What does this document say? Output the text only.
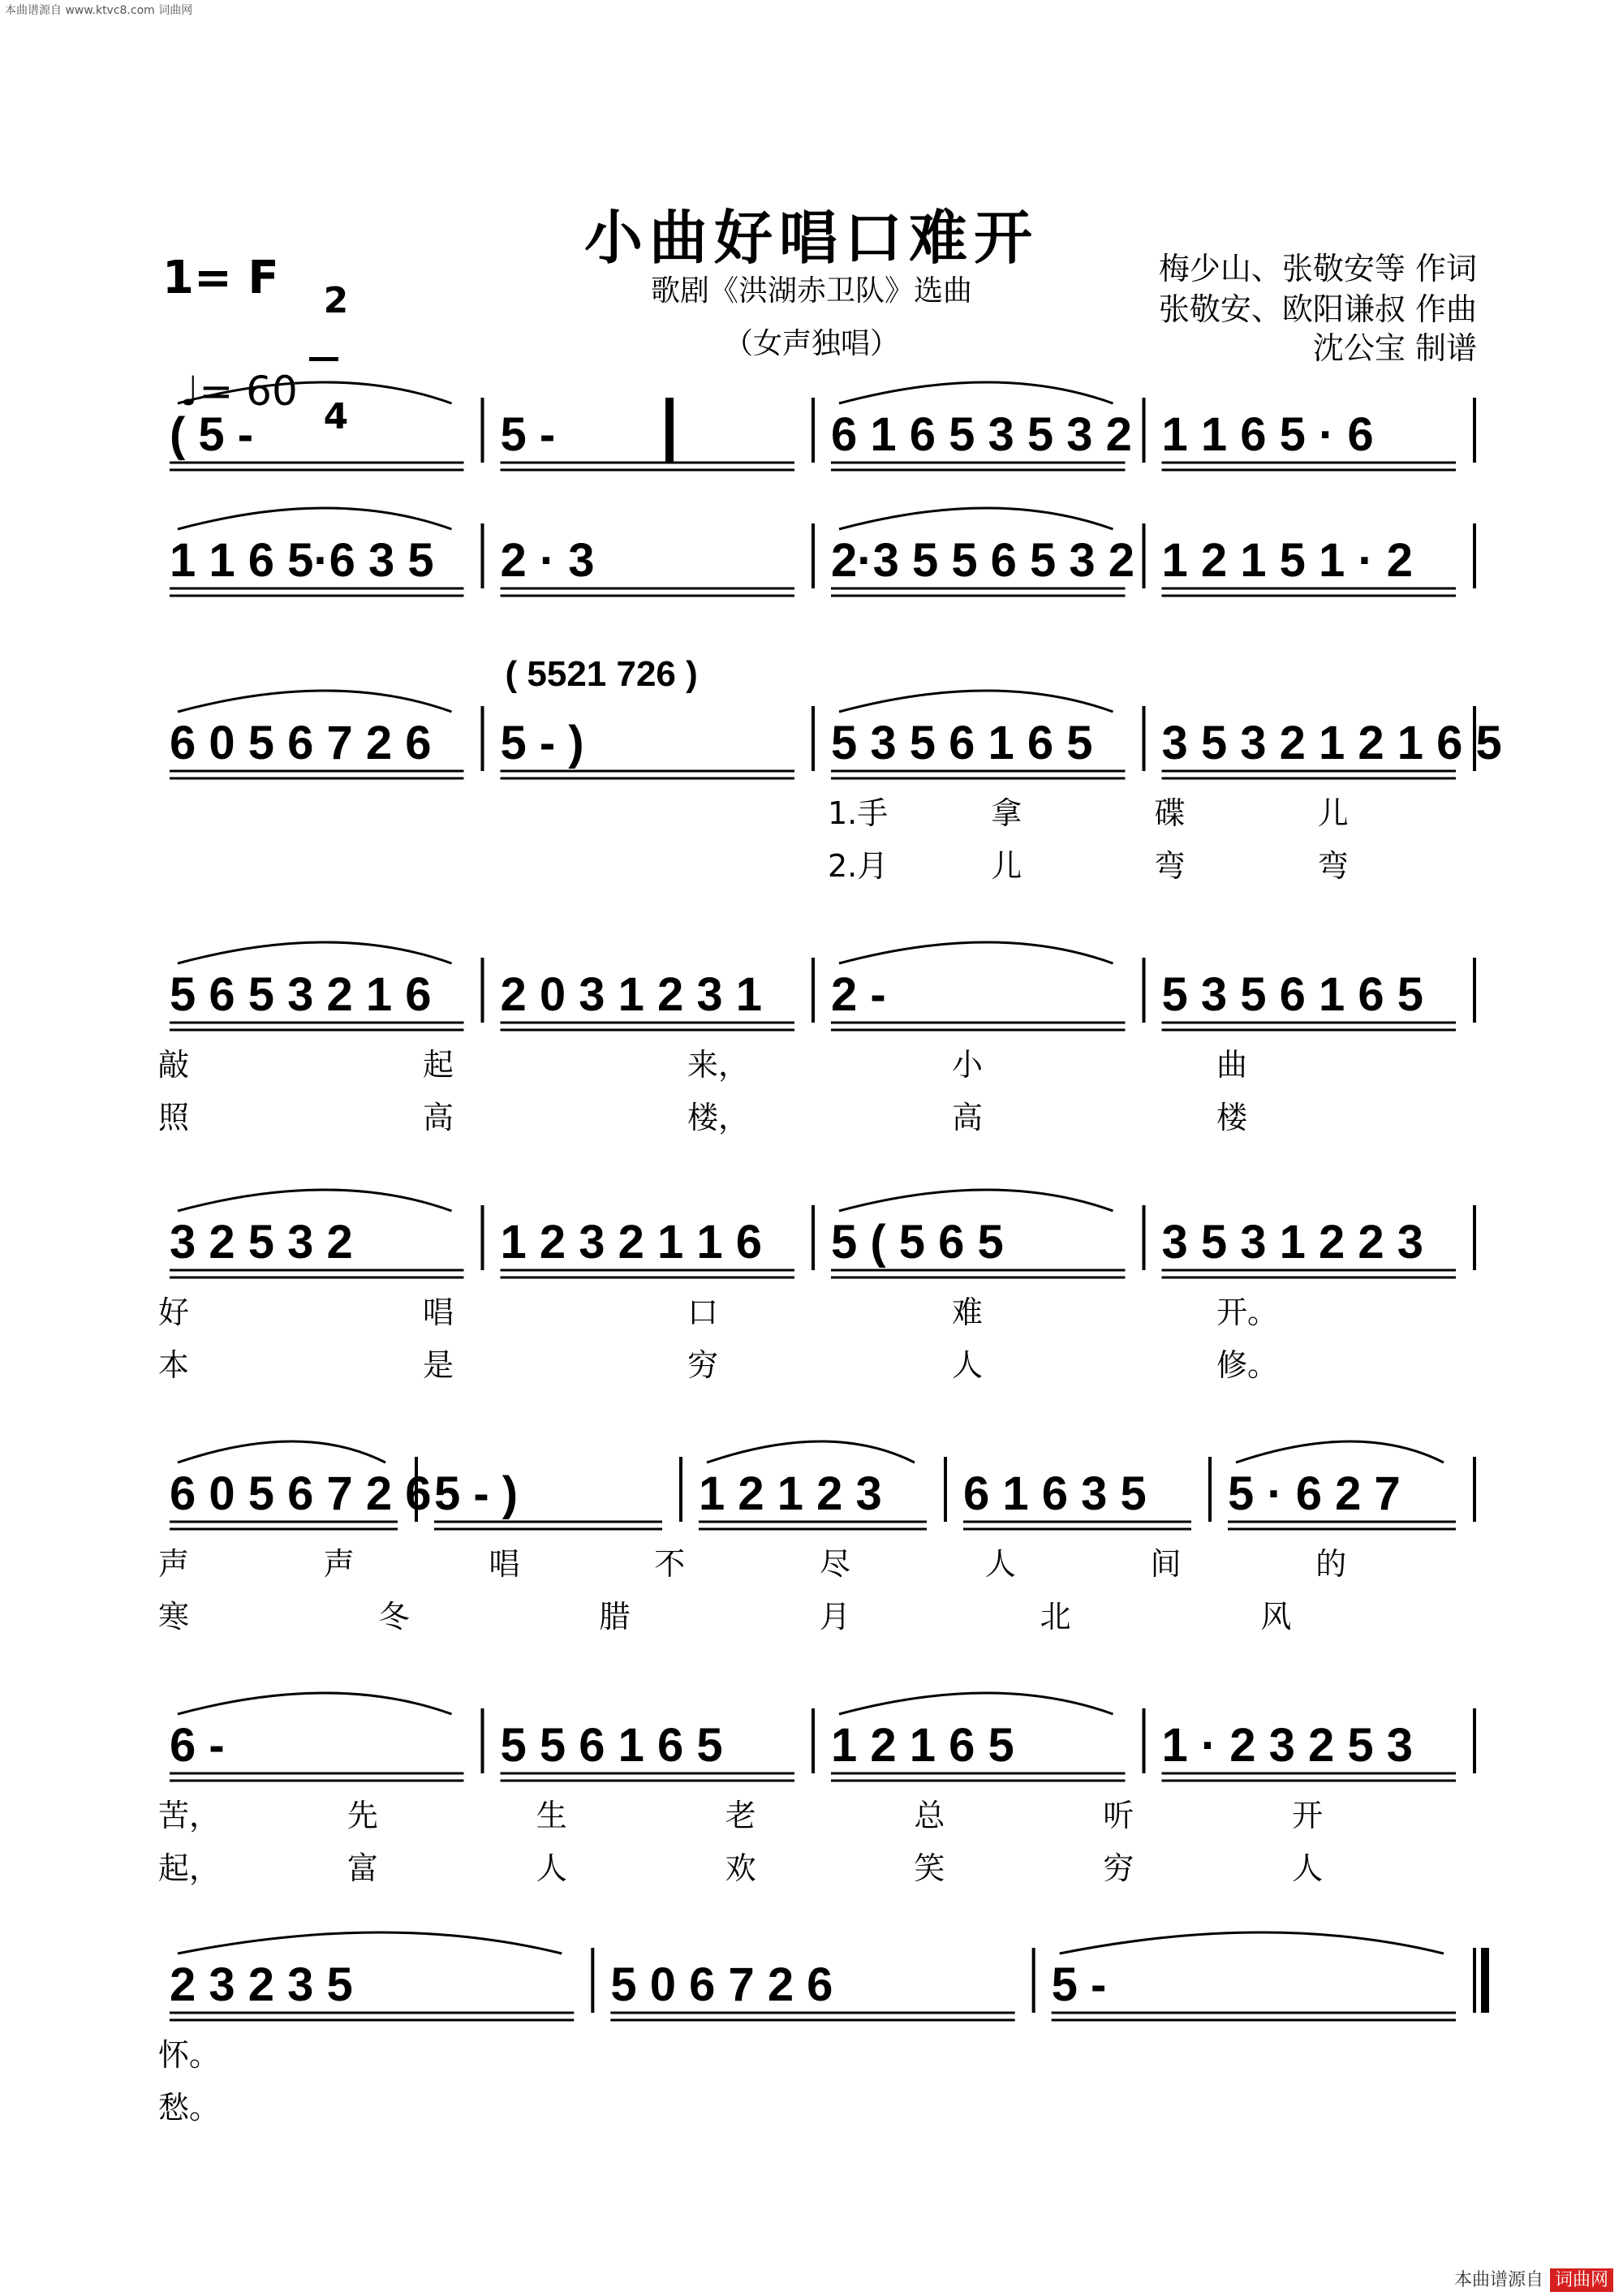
本曲谱源自 www.ktvc8.com 词曲网
小曲好唱口难开
歌剧《洪湖赤卫队》选曲
（女声独唱）
梅少山、张敬安等 作词
张敬安、欧阳谦叔 作曲
沈公宝 制谱
1= F	2

4

♩= 60

( 5 -	5 -	6 1 6 5 3 5 3 2 1 1 6 5 · 6
1 1 6 5·6 3 5 2 · 3	2·3 5 5 6 5 3 2 1 2 1 5 1 · 2
6 0 5 6 7 2 6 5 - )	5 3 5 6 1 6 5 3 5 3 2 1 2 1 6 5
( 5521 726 )
1.手	拿	碟	儿
2.月	儿	弯	弯
5 6 5 3 2 1 6 2 0 3 1 2 3 1 2 -	5 3 5 6 1 6 5
敲	起	来，	小	曲
照	高	楼，	高	楼
3 2 5 3 2	1 2 3 2 1 1 6 5 ( 5 6 5	3 5 3 1 2 2 3
好	唱	口	难	开。
本	是	穷	人	修。
6 0 5 6 7 2 6 5 - )	1 2 1 2 3 6 1 6 3 5 5 · 6 2 7
声	声	唱	不	尽	人	间	的
寒	冬	腊	月	北	风
6 -	5 5 6 1 6 5 1 2 1 6 5	1 · 2 3 2 5 3
苦，	先	生	老	总	听	开
起，	富	人	欢	笑	穷	人
2 3 2 3 5	5 0 6 7 2 6	5 -
怀。
愁。

本曲谱源自 词曲网
